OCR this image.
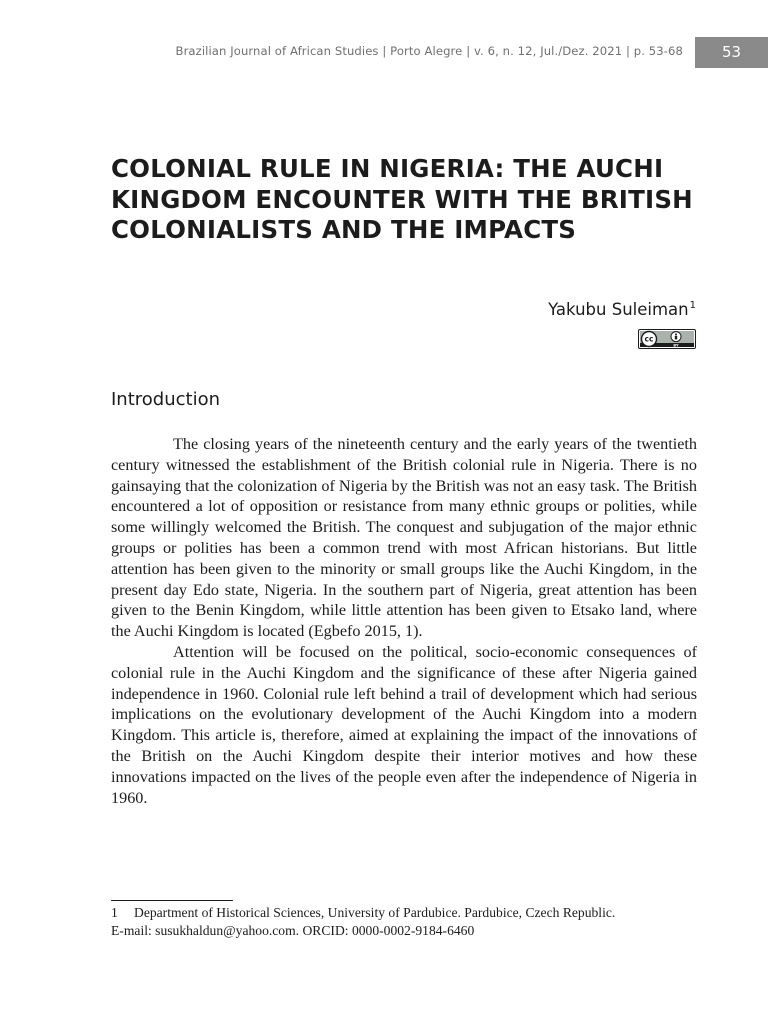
Brazilian Journal of African Studies | Porto Alegre | v. 6, n. 12, Jul./Dez. 2021 | p. 53-68	53
COLONIAL RULE IN NIGERIA: THE AUCHI
KINGDOM ENCOUNTER WITH THE BRITISH
COLONIALISTS AND THE IMPACTS
Yakubu Suleiman$^1$
cc
BY
Introduction

The closing years of the nineteenth century and the early years of the twentieth century witnessed the establishment of the British colonial rule in Nigeria. There is no gainsaying that the colonization of Nigeria by the British was not an easy task. The British encountered a lot of opposition or resistance from many ethnic groups or polities, while some willingly welcomed the British. The conquest and subjugation of the major ethnic groups or polities has been a common trend with most African historians. But little attention has been given to the minority or small groups like the Auchi Kingdom, in the present day Edo state, Nigeria. In the southern part of Nigeria, great attention has been given to the Benin Kingdom, while little attention has been given to Etsako land, where the Auchi Kingdom is located (Egbefo 2015, 1).

Attention will be focused on the political, socio-economic consequences of colonial rule in the Auchi Kingdom and the significance of these after Nigeria gained independence in 1960. Colonial rule left behind a trail of development which had serious implications on the evolutionary development of the Auchi Kingdom into a modern Kingdom. This article is, therefore, aimed at explaining the impact of the innovations of the British on the Auchi Kingdom despite their interior motives and how these innovations impacted on the lives of the people even after the independence of Nigeria in 1960.

1 Department of Historical Sciences, University of Pardubice. Pardubice, Czech Republic.
E-mail: susukhaldun@yahoo.com. ORCID: 0000-0002-9184-6460
